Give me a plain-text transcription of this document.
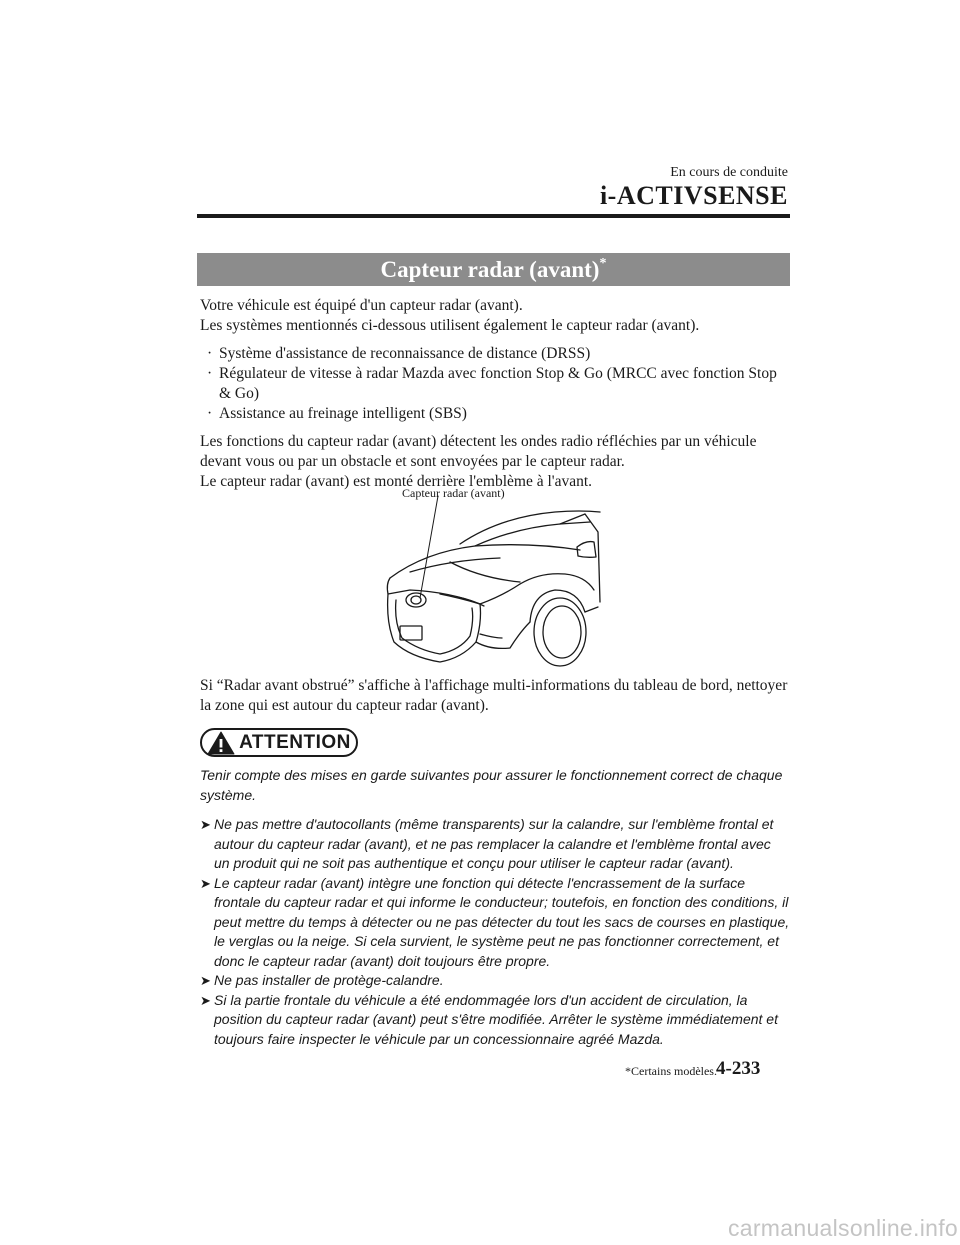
En cours de conduite
i-ACTIVSENSE
Capteur radar (avant)*

Votre véhicule est équipé d'un capteur radar (avant).

Les systèmes mentionnés ci-dessous utilisent également le capteur radar (avant).

· Système d'assistance de reconnaissance de distance (DRSS)
· Régulateur de vitesse à radar Mazda avec fonction Stop & Go (MRCC avec fonction Stop & Go)
· Assistance au freinage intelligent (SBS)

Les fonctions du capteur radar (avant) détectent les ondes radio réfléchies par un véhicule devant vous ou par un obstacle et sont envoyées par le capteur radar.

Le capteur radar (avant) est monté derrière l'emblème à l'avant.

Capteur radar (avant)

Si “Radar avant obstrué” s'affiche à l'affichage multi-informations du tableau de bord, nettoyer la zone qui est autour du capteur radar (avant).

ATTENTION

Tenir compte des mises en garde suivantes pour assurer le fonctionnement correct de chaque système.

➤ Ne pas mettre d'autocollants (même transparents) sur la calandre, sur l'emblème frontal et autour du capteur radar (avant), et ne pas remplacer la calandre et l'emblème frontal avec un produit qui ne soit pas authentique et conçu pour utiliser le capteur radar (avant).
➤ Le capteur radar (avant) intègre une fonction qui détecte l'encrassement de la surface frontale du capteur radar et qui informe le conducteur; toutefois, en fonction des conditions, il peut mettre du temps à détecter ou ne pas détecter du tout les sacs de courses en plastique, le verglas ou la neige. Si cela survient, le système peut ne pas fonctionner correctement, et donc le capteur radar (avant) doit toujours être propre.
➤ Ne pas installer de protège-calandre.
➤ Si la partie frontale du véhicule a été endommagée lors d'un accident de circulation, la position du capteur radar (avant) peut s'être modifiée. Arrêter le système immédiatement et toujours faire inspecter le véhicule par un concessionnaire agréé Mazda.
*Certains modèles. 4-233
carmanualsonline.info
